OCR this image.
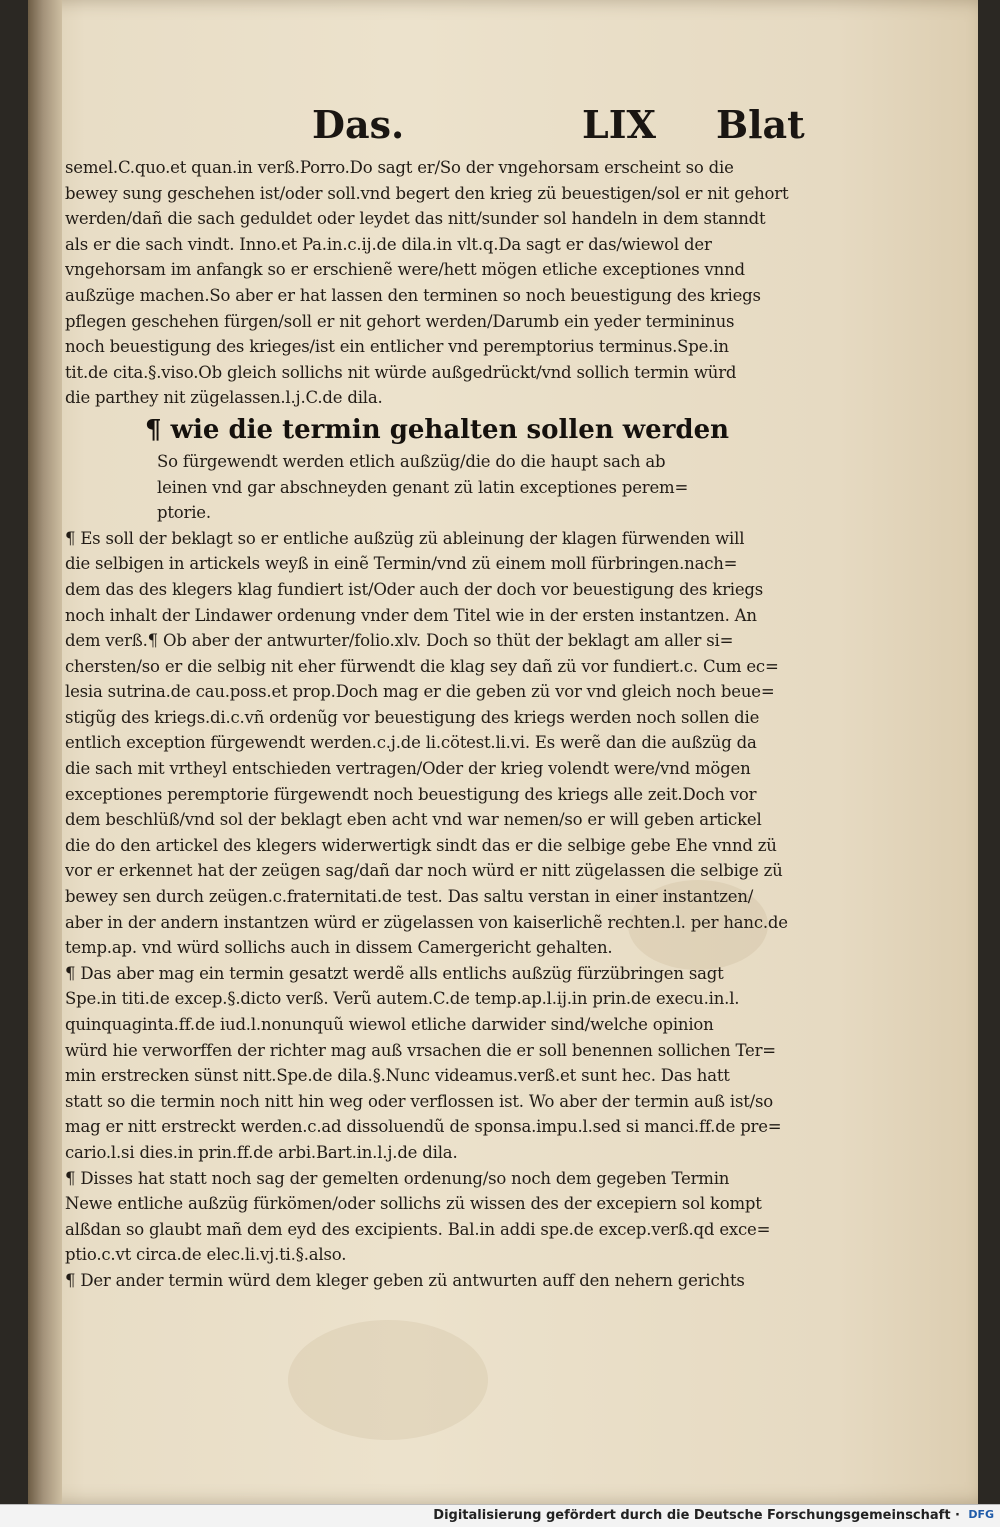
Das.	LIX Blat
semel.C.quo.et quan.in verß.Porro.Do sagt er/So der vngehorsam erscheint so die
bewey sung geschehen ist/oder soll.vnd begert den krieg zü beuestigen/sol er nit gehort
werden/dañ die sach geduldet oder leydet das nitt/sunder sol handeln in dem stanndt
als er die sach vindt. Inno.et Pa.in.c.ij.de dila.in vlt.q.Da sagt er das/wiewol der
vngehorsam im anfangk so er erschienẽ were/hett mögen etliche exceptiones vnnd
außzüge machen.So aber er hat lassen den terminen so noch beuestigung des kriegs
pflegen geschehen fürgen/soll er nit gehort werden/Darumb ein yeder termininus
noch beuestigung des krieges/ist ein entlicher vnd peremptorius terminus.Spe.in
tit.de cita.§.viso.Ob gleich sollichs nit würde außgedrückt/vnd sollich termin würd
die parthey nit zügelassen.l.j.C.de dila.
¶ wie die termin gehalten sollen werden
So fürgewendt werden etlich außzüg/die do die haupt sach ab
leinen vnd gar abschneyden genant zü latin exceptiones perem=
ptorie.
¶ Es soll der beklagt so er entliche außzüg zü ableinung der klagen fürwenden will
die selbigen in artickels weyß in einẽ Termin/vnd zü einem moll fürbringen.nach=
dem das des klegers klag fundiert ist/Oder auch der doch vor beuestigung des kriegs
noch inhalt der Lindawer ordenung vnder dem Titel wie in der ersten instantzen. An
dem verß.¶ Ob aber der antwurter/folio.xlv. Doch so thüt der beklagt am aller si=
chersten/so er die selbig nit eher fürwendt die klag sey dañ zü vor fundiert.c. Cum ec=
lesia sutrina.de cau.poss.et prop.Doch mag er die geben zü vor vnd gleich noch beue=
stigũg des kriegs.di.c.vñ ordenũg vor beuestigung des kriegs werden noch sollen die
entlich exception fürgewendt werden.c.j.de li.cötest.li.vi. Es werẽ dan die außzüg da
die sach mit vrtheyl entschieden vertragen/Oder der krieg volendt were/vnd mögen
exceptiones peremptorie fürgewendt noch beuestigung des kriegs alle zeit.Doch vor
dem beschlüß/vnd sol der beklagt eben acht vnd war nemen/so er will geben artickel
die do den artickel des klegers widerwertigk sindt das er die selbige gebe Ehe vnnd zü
vor er erkennet hat der zeügen sag/dañ dar noch würd er nitt zügelassen die selbige zü
bewey sen durch zeügen.c.fraternitati.de test. Das saltu verstan in einer instantzen/
aber in der andern instantzen würd er zügelassen von kaiserlichẽ rechten.l. per hanc.de
temp.ap. vnd würd sollichs auch in dissem Camergericht gehalten.
¶ Das aber mag ein termin gesatzt werdẽ alls entlichs außzüg fürzübringen sagt
Spe.in titi.de excep.§.dicto verß. Verũ autem.C.de temp.ap.l.ij.in prin.de execu.in.l.
quinquaginta.ff.de iud.l.nonunquũ wiewol etliche darwider sind/welche opinion
würd hie verworffen der richter mag auß vrsachen die er soll benennen sollichen Ter=
min erstrecken sünst nitt.Spe.de dila.§.Nunc videamus.verß.et sunt hec. Das hatt
statt so die termin noch nitt hin weg oder verflossen ist. Wo aber der termin auß ist/so
mag er nitt erstreckt werden.c.ad dissoluendũ de sponsa.impu.l.sed si manci.ff.de pre=
cario.l.si dies.in prin.ff.de arbi.Bart.in.l.j.de dila.
¶ Disses hat statt noch sag der gemelten ordenung/so noch dem gegeben Termin
Newe entliche außzüg fürkömen/oder sollichs zü wissen des der excepiern sol kompt
alßdan so glaubt mañ dem eyd des excipients. Bal.in addi spe.de excep.verß.qd exce=
ptio.c.vt circa.de elec.li.vj.ti.§.also.
¶ Der ander termin würd dem kleger geben zü antwurten auff den nehern gerichts
Digitalisierung gefördert durch die Deutsche Forschungsgemeinschaft · DFG
